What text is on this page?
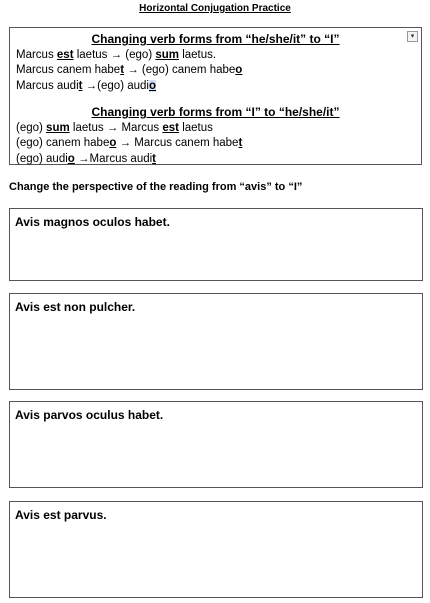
Horizontal Conjugation Practice
▾
Changing verb forms from “he/she/it” to “I”
Marcus est laetus → (ego) sum laetus.
Marcus canem habet → (ego) canem habeo
Marcus audit →(ego) audio
Changing verb forms from “I” to “he/she/it”
(ego) sum laetus → Marcus est laetus
(ego) canem habeo → Marcus canem habet
(ego) audio →Marcus audit
Change the perspective of the reading from “avis” to “I”
Avis magnos oculos habet.
Avis est non pulcher.
Avis parvos oculus habet.
Avis est parvus.
